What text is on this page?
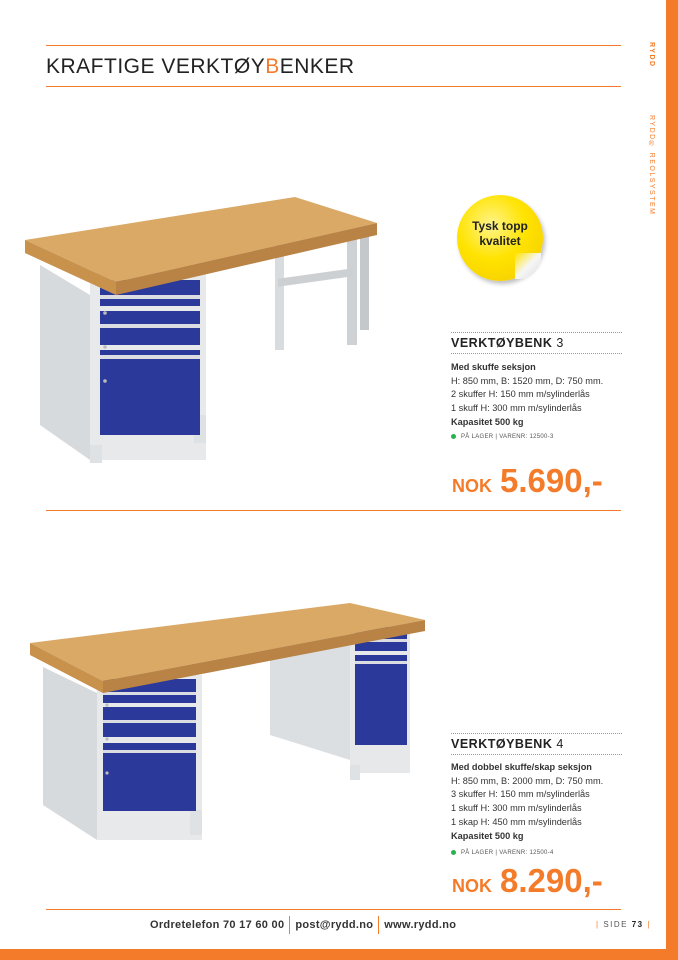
KRAFTIGE VERKTØYBENKER	RYDD
RYDD® REOLSYSTEM
Tysk topp
kvalitet
VERKTØYBENK 3
Med skuffe seksjon
H: 850 mm, B: 1520 mm, D: 750 mm.
2 skuffer H: 150 mm m/sylinderlås
1 skuff H: 300 mm m/sylinderlås
Kapasitet 500 kg
PÅ LAGER | VARENR: 12500-3
NOK 5.690,-
VERKTØYBENK 4
Med dobbel skuffe/skap seksjon
H: 850 mm, B: 2000 mm, D: 750 mm.
3 skuffer H: 150 mm m/sylinderlås
1 skuff H: 300 mm m/sylinderlås
1 skap H: 450 mm m/sylinderlås
Kapasitet 500 kg
PÅ LAGER | VARENR: 12500-4
NOK 8.290,-
Ordretelefon 70 17 60 00 post@rydd.no www.rydd.no	| SIDE 73 |
